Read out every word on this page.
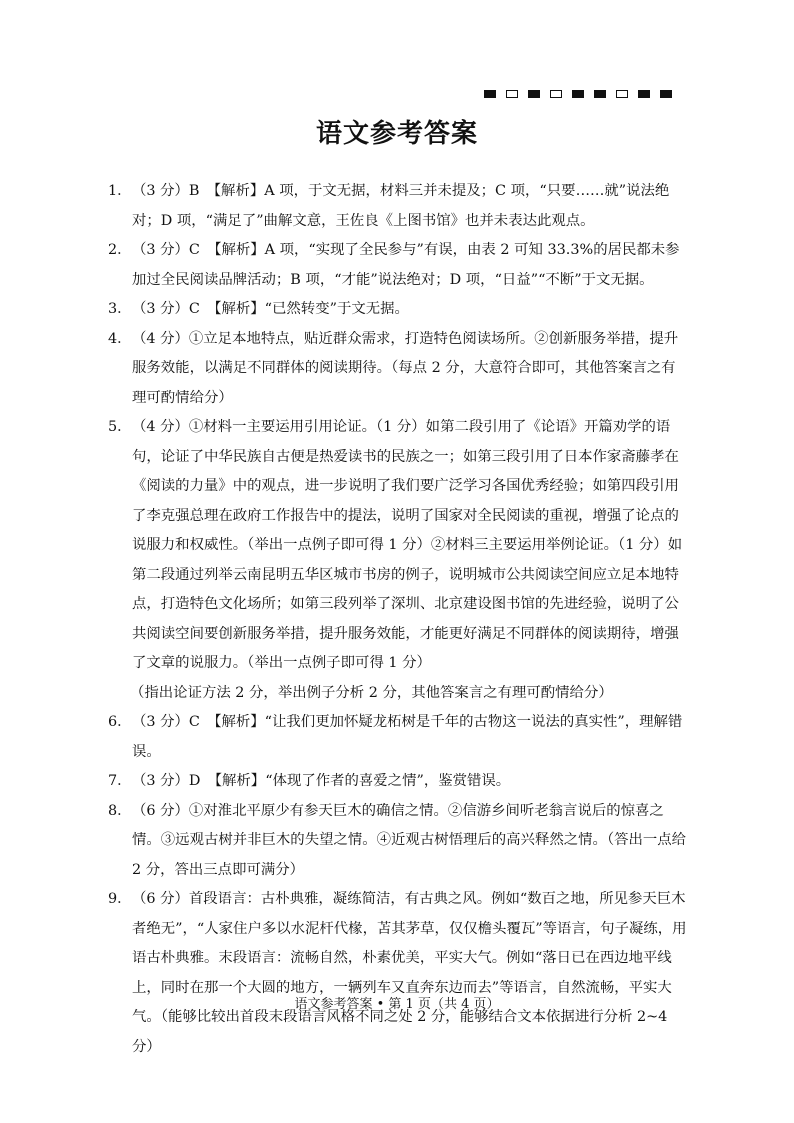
语文参考答案
1． （3 分）B　【解析】A 项，于文无据，材料三并未提及；C 项，“只要……就”说法绝对；D 项，“满足了”曲解文意，王佐良《上图书馆》也并未表达此观点。
2． （3 分）C　【解析】A 项，“实现了全民参与”有误，由表 2 可知 33.3%的居民都未参加过全民阅读品牌活动；B 项，“才能”说法绝对；D 项，“日益”“不断”于文无据。
3． （3 分）C　【解析】“已然转变”于文无据。
4． （4 分）①立足本地特点，贴近群众需求，打造特色阅读场所。②创新服务举措，提升服务效能，以满足不同群体的阅读期待。（每点 2 分，大意符合即可，其他答案言之有理可酌情给分）
5． （4 分）①材料一主要运用引用论证。（1 分）如第二段引用了《论语》开篇劝学的语句，论证了中华民族自古便是热爱读书的民族之一；如第三段引用了日本作家斋藤孝在《阅读的力量》中的观点，进一步说明了我们要广泛学习各国优秀经验；如第四段引用了李克强总理在政府工作报告中的提法，说明了国家对全民阅读的重视，增强了论点的说服力和权威性。（举出一点例子即可得 1 分）②材料三主要运用举例论证。（1 分）如第二段通过列举云南昆明五华区城市书房的例子，说明城市公共阅读空间应立足本地特点，打造特色文化场所；如第三段列举了深圳、北京建设图书馆的先进经验，说明了公共阅读空间要创新服务举措，提升服务效能，才能更好满足不同群体的阅读期待，增强了文章的说服力。（举出一点例子即可得 1 分）
（指出论证方法 2 分，举出例子分析 2 分，其他答案言之有理可酌情给分）
6． （3 分）C　【解析】“让我们更加怀疑龙柘树是千年的古物这一说法的真实性”，理解错误。
7． （3 分）D　【解析】“体现了作者的喜爱之情”，鉴赏错误。
8． （6 分）①对淮北平原少有参天巨木的确信之情。②信游乡间听老翁言说后的惊喜之情。③远观古树并非巨木的失望之情。④近观古树悟理后的高兴释然之情。（答出一点给 2 分，答出三点即可满分）
9． （6 分）首段语言：古朴典雅，凝练简洁，有古典之风。例如“数百之地，所见参天巨木者绝无”，“人家住户多以水泥杆代椽，苫其茅草，仅仅檐头覆瓦”等语言，句子凝练，用语古朴典雅。末段语言：流畅自然，朴素优美，平实大气。例如“落日已在西边地平线上，同时在那一个大圆的地方，一辆列车又直奔东边而去”等语言，自然流畅，平实大气。（能够比较出首段末段语言风格不同之处 2 分，能够结合文本依据进行分析 2~4 分）
语文参考答案 • 第 1 页（共 4 页）
